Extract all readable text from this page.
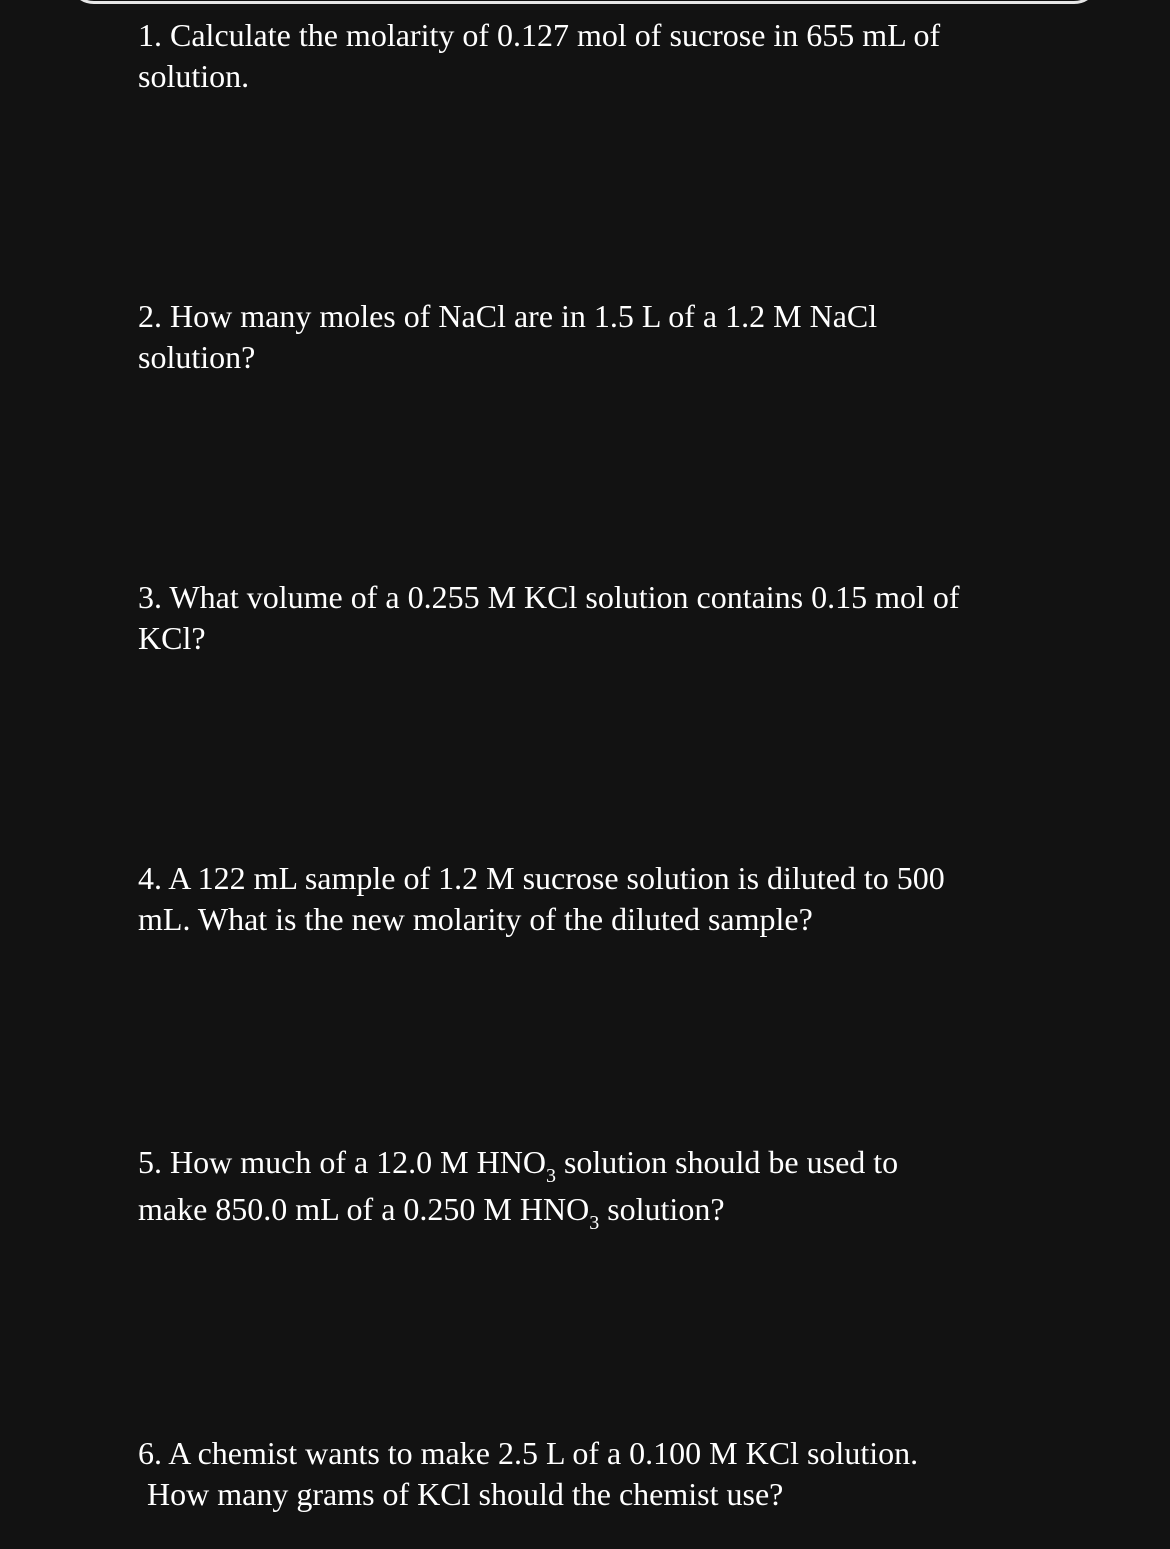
1. Calculate the molarity of 0.127 mol of sucrose in 655 mL of
solution.

2. How many moles of NaCl are in 1.5 L of a 1.2 M NaCl
solution?

3. What volume of a 0.255 M KCl solution contains 0.15 mol of
KCl?

4. A 122 mL sample of 1.2 M sucrose solution is diluted to 500
mL. What is the new molarity of the diluted sample?

5. How much of a 12.0 M $HNO_3$ solution should be used to
make 850.0 mL of a 0.250 M $HNO_3$ solution?

6. A chemist wants to make 2.5 L of a 0.100 M KCl solution.
How many grams of KCl should the chemist use?
